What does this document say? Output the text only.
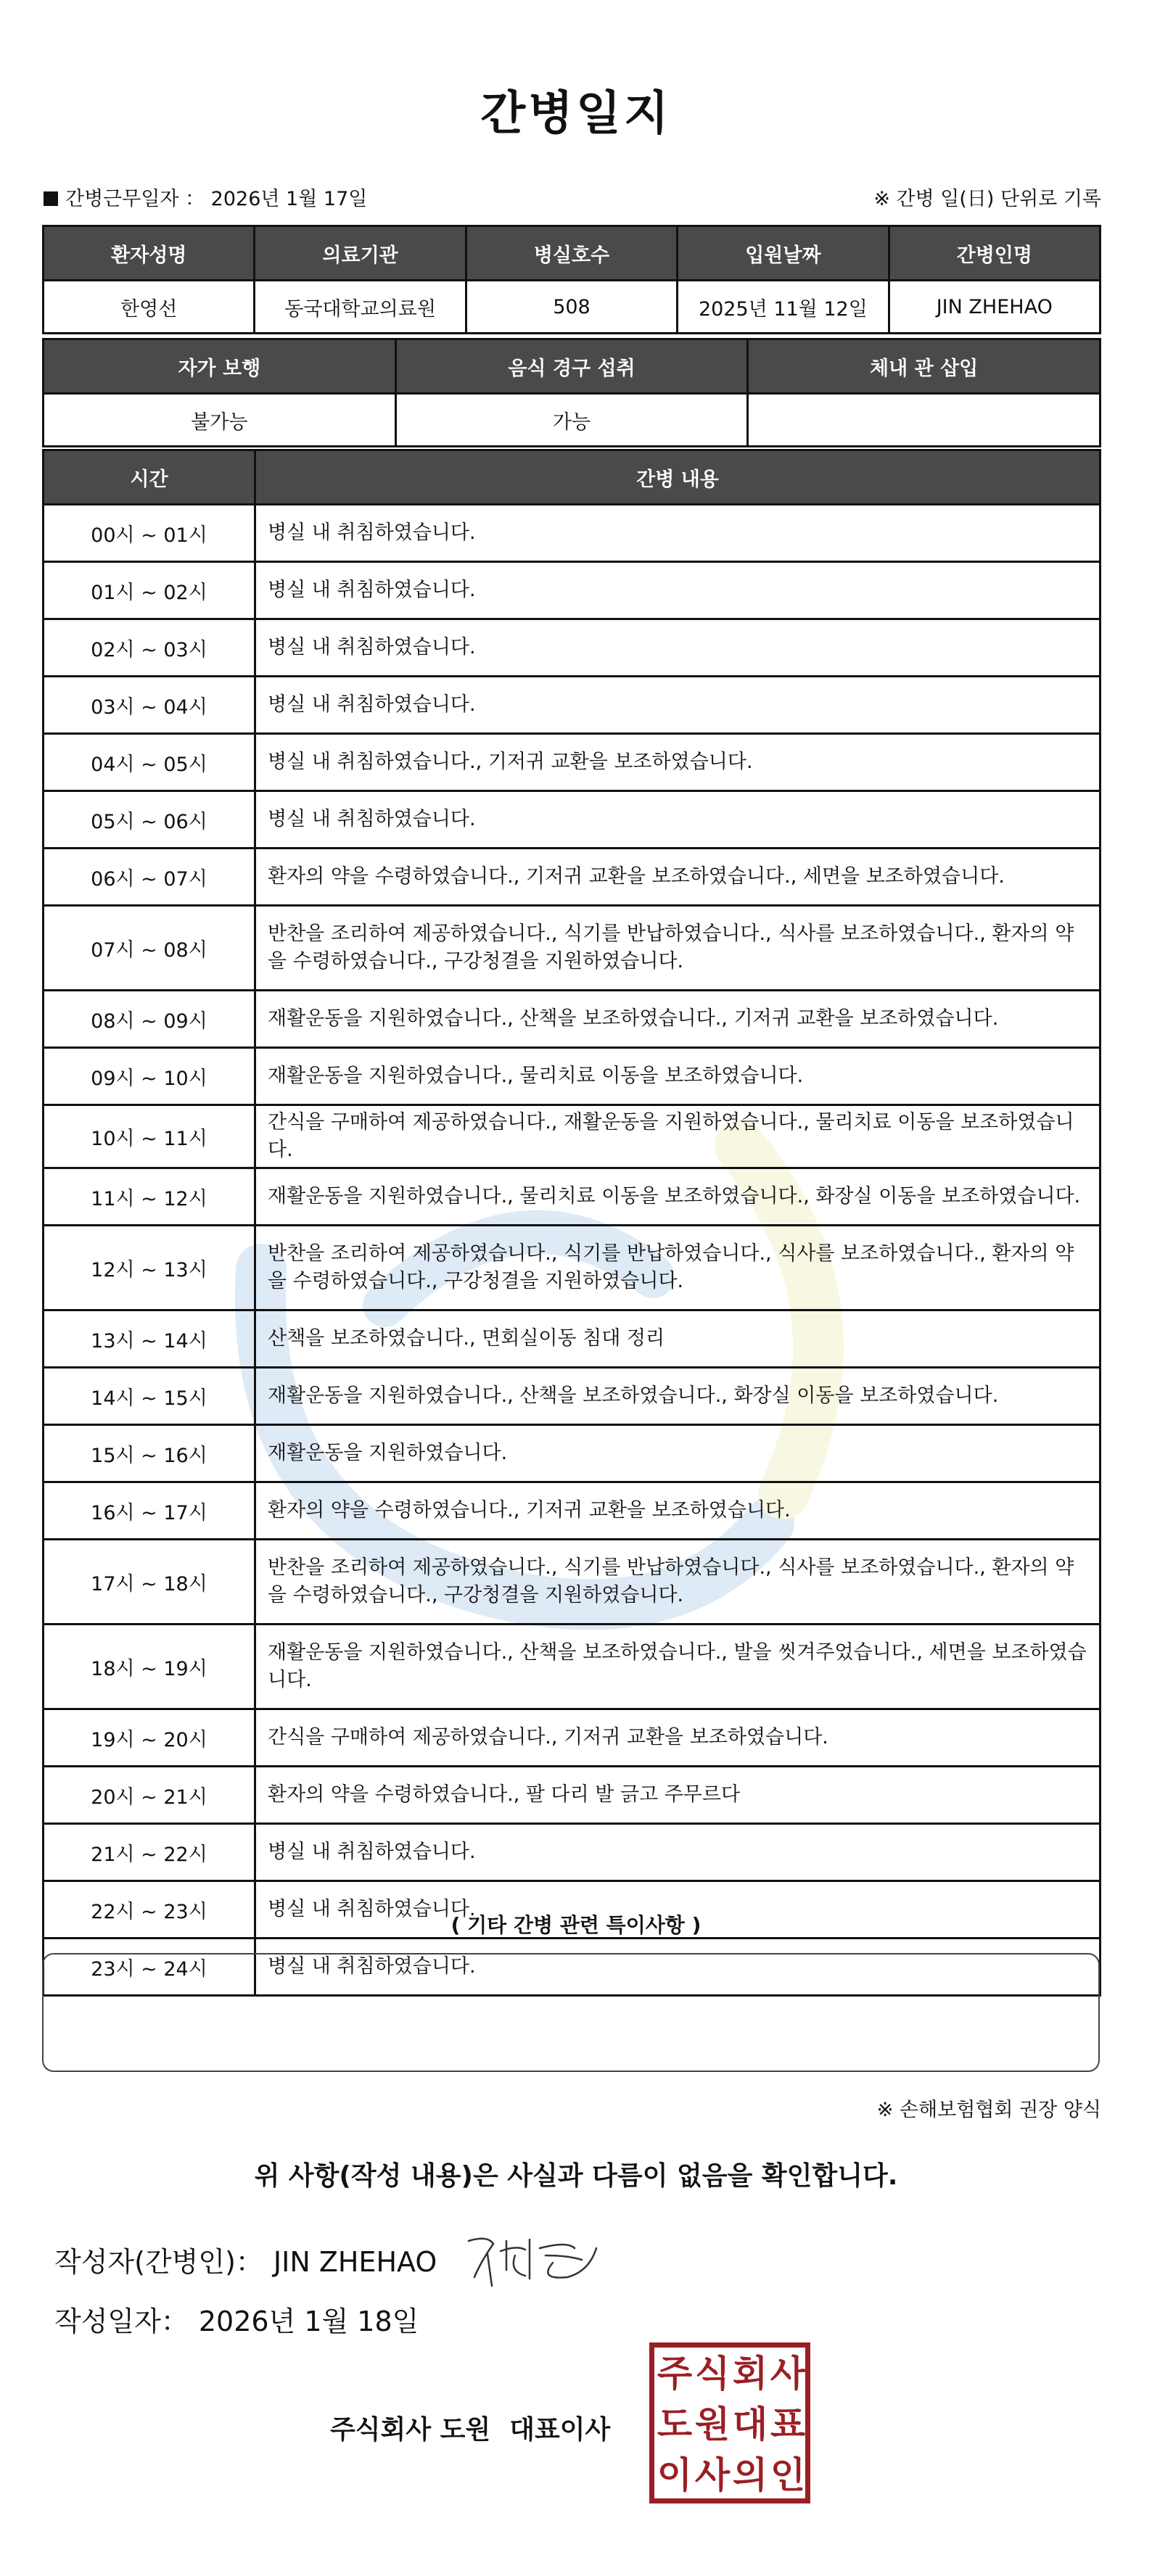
간병일지
간병근무일자 ： 2026년 1월 17일	※ 간병 일(日) 단위로 기록
환자성명	의료기관	병실호수	입원날짜	간병인명
한영선	동국대학교의료원	508	2025년 11월 12일	JIN ZHEHAO
자가 보행	음식 경구 섭취	체내 관 삽입
불가능	가능	
시간	간병 내용
00시 ~ 01시	병실 내 취침하였습니다.
01시 ~ 02시	병실 내 취침하였습니다.
02시 ~ 03시	병실 내 취침하였습니다.
03시 ~ 04시	병실 내 취침하였습니다.
04시 ~ 05시	병실 내 취침하였습니다., 기저귀 교환을 보조하였습니다.
05시 ~ 06시	병실 내 취침하였습니다.
06시 ~ 07시	환자의 약을 수령하였습니다., 기저귀 교환을 보조하였습니다., 세면을 보조하였습니다.
07시 ~ 08시	반찬을 조리하여 제공하였습니다., 식기를 반납하였습니다., 식사를 보조하였습니다., 환자의 약을 수령하였습니다., 구강청결을 지원하였습니다.
08시 ~ 09시	재활운동을 지원하였습니다., 산책을 보조하였습니다., 기저귀 교환을 보조하였습니다.
09시 ~ 10시	재활운동을 지원하였습니다., 물리치료 이동을 보조하였습니다.
10시 ~ 11시	간식을 구매하여 제공하였습니다., 재활운동을 지원하였습니다., 물리치료 이동을 보조하였습니다.
11시 ~ 12시	재활운동을 지원하였습니다., 물리치료 이동을 보조하였습니다., 화장실 이동을 보조하였습니다.
12시 ~ 13시	반찬을 조리하여 제공하였습니다., 식기를 반납하였습니다., 식사를 보조하였습니다., 환자의 약을 수령하였습니다., 구강청결을 지원하였습니다.
13시 ~ 14시	산책을 보조하였습니다., 면회실이동 침대 정리
14시 ~ 15시	재활운동을 지원하였습니다., 산책을 보조하였습니다., 화장실 이동을 보조하였습니다.
15시 ~ 16시	재활운동을 지원하였습니다.
16시 ~ 17시	환자의 약을 수령하였습니다., 기저귀 교환을 보조하였습니다.
17시 ~ 18시	반찬을 조리하여 제공하였습니다., 식기를 반납하였습니다., 식사를 보조하였습니다., 환자의 약을 수령하였습니다., 구강청결을 지원하였습니다.
18시 ~ 19시	재활운동을 지원하였습니다., 산책을 보조하였습니다., 발을 씻겨주었습니다., 세면을 보조하였습니다.
19시 ~ 20시	간식을 구매하여 제공하였습니다., 기저귀 교환을 보조하였습니다.
20시 ~ 21시	환자의 약을 수령하였습니다., 팔 다리 발 긁고 주무르다
21시 ~ 22시	병실 내 취침하였습니다.
22시 ~ 23시	병실 내 취침하였습니다.
23시 ~ 24시	병실 내 취침하였습니다.
( 기타 간병 관련 특이사항 )
※ 손해보험협회 권장 양식
위 사항(작성 내용)은 사실과 다름이 없음을 확인합니다.
작성자(간병인)： JIN ZHEHAO
작성일자： 2026년 1월 18일
주식회사 도원 대표이사
주 식 회 사
도 원 대 표
이 사 의 인
